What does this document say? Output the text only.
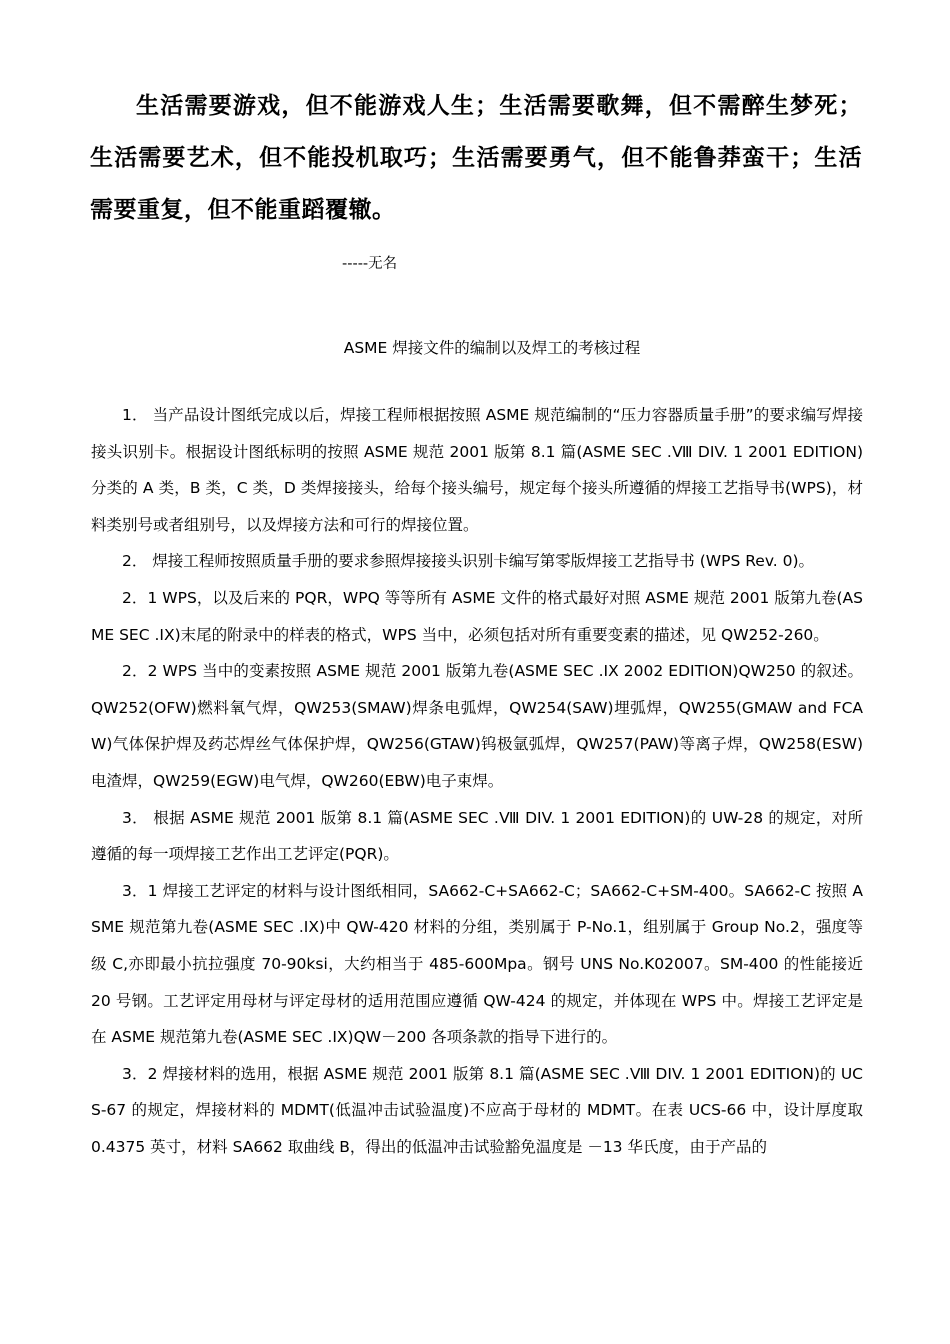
生活需要游戏，但不能游戏人生；生活需要歌舞，但不需醉生梦死；生活需要艺术，但不能投机取巧；生活需要勇气，但不能鲁莽蛮干；生活需要重复，但不能重蹈覆辙。

-----无名

ASME 焊接文件的编制以及焊工的考核过程

1． 当产品设计图纸完成以后，焊接工程师根据按照 ASME 规范编制的“压力容器质量手册”的要求编写焊接接头识别卡。根据设计图纸标明的按照 ASME 规范 2001 版第 8.1 篇(ASME SEC .Ⅷ DIV. 1 2001 EDITION)分类的 A 类，B 类，C 类，D 类焊接接头，给每个接头编号，规定每个接头所遵循的焊接工艺指导书(WPS)，材料类别号或者组别号，以及焊接方法和可行的焊接位置。

2． 焊接工程师按照质量手册的要求参照焊接接头识别卡编写第零版焊接工艺指导书 (WPS Rev. 0)。

2．1 WPS，以及后来的 PQR，WPQ 等等所有 ASME 文件的格式最好对照 ASME 规范 2001 版第九卷(ASME SEC .IX)末尾的附录中的样表的格式，WPS 当中，必须包括对所有重要变素的描述，见 QW252-260。

2．2 WPS 当中的变素按照 ASME 规范 2001 版第九卷(ASME SEC .IX 2002 EDITION)QW250 的叙述。QW252(OFW)燃料氧气焊，QW253(SMAW)焊条电弧焊，QW254(SAW)埋弧焊，QW255(GMAW and FCAW)气体保护焊及药芯焊丝气体保护焊，QW256(GTAW)钨极氩弧焊，QW257(PAW)等离子焊，QW258(ESW)电渣焊，QW259(EGW)电气焊，QW260(EBW)电子束焊。

3． 根据 ASME 规范 2001 版第 8.1 篇(ASME SEC .Ⅷ DIV. 1 2001 EDITION)的 UW-28 的规定，对所遵循的每一项焊接工艺作出工艺评定(PQR)。

3．1 焊接工艺评定的材料与设计图纸相同，SA662-C+SA662-C；SA662-C+SM-400。SA662-C 按照 ASME 规范第九卷(ASME SEC .IX)中 QW-420 材料的分组，类别属于 P-No.1，组别属于 Group No.2，强度等级 C,亦即最小抗拉强度 70-90ksi，大约相当于 485-600Mpa。钢号 UNS No.K02007。SM-400 的性能接近 20 号钢。工艺评定用母材与评定母材的适用范围应遵循 QW-424 的规定，并体现在 WPS 中。焊接工艺评定是在 ASME 规范第九卷(ASME SEC .IX)QW－200 各项条款的指导下进行的。

3．2 焊接材料的选用，根据 ASME 规范 2001 版第 8.1 篇(ASME SEC .Ⅷ DIV. 1 2001 EDITION)的 UCS-67 的规定，焊接材料的 MDMT(低温冲击试验温度)不应高于母材的 MDMT。在表 UCS-66 中，设计厚度取 0.4375 英寸，材料 SA662 取曲线 B，得出的低温冲击试验豁免温度是 －13 华氏度，由于产品的
